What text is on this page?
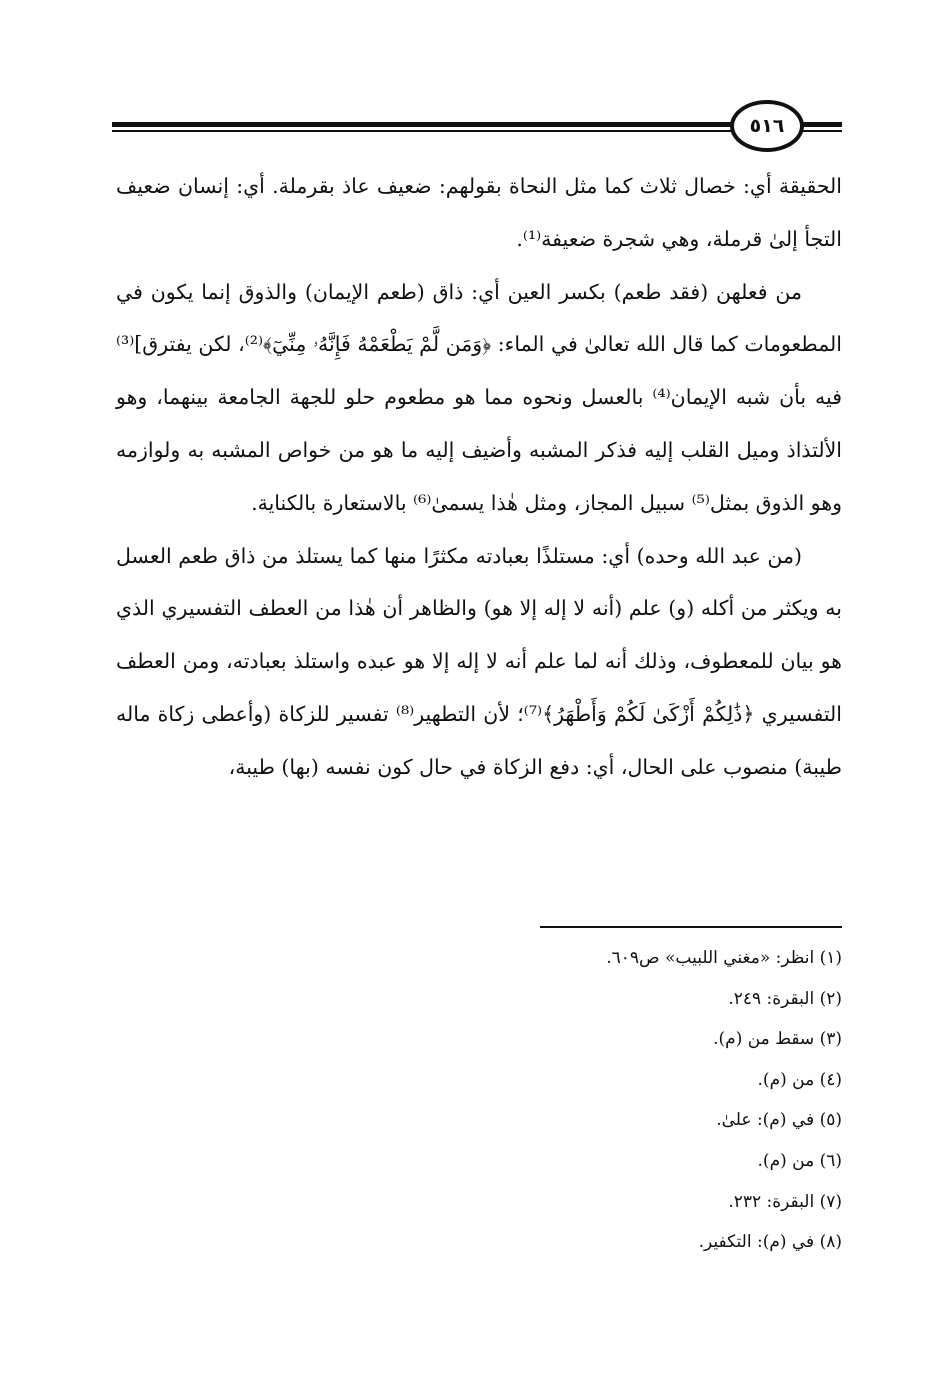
٥١٦

الحقيقة أي: خصال ثلاث كما مثل النحاة بقولهم: ضعيف عاذ بقرملة. أي: إنسان ضعيف التجأ إلىٰ قرملة، وهي شجرة ضعيفة⁽¹⁾.

من فعلهن (فقد طعم) بكسر العين أي: ذاق (طعم الإيمان) والذوق إنما يكون في المطعومات كما قال الله تعالىٰ في الماء: ﴿وَمَن لَّمْ يَطْعَمْهُ فَإِنَّهُۥ مِنِّيٓ﴾⁽²⁾، لكن يفترق]⁽³⁾ فيه بأن شبه الإيمان⁽⁴⁾ بالعسل ونحوه مما هو مطعوم حلو للجهة الجامعة بينهما، وهو الألتذاذ وميل القلب إليه فذكر المشبه وأضيف إليه ما هو من خواص المشبه به ولوازمه وهو الذوق بمثل⁽⁵⁾ سبيل المجاز، ومثل هٰذا يسمىٰ⁽⁶⁾ بالاستعارة بالكناية.

(من عبد الله وحده) أي: مستلذًا بعبادته مكثرًا منها كما يستلذ من ذاق طعم العسل به ويكثر من أكله (و) علم (أنه لا إله إلا هو) والظاهر أن هٰذا من العطف التفسيري الذي هو بيان للمعطوف، وذلك أنه لما علم أنه لا إله إلا هو عبده واستلذ بعبادته، ومن العطف التفسيري ﴿ذَٰلِكُمْ أَزْكَىٰ لَكُمْ وَأَطْهَرُ﴾⁽⁷⁾؛ لأن التطهير⁽⁸⁾ تفسير للزكاة (وأعطى زكاة ماله طيبة) منصوب على الحال، أي: دفع الزكاة في حال كون نفسه (بها) طيبة،

(١) انظر: «مغني اللبيب» ص٦٠٩.
(٢) البقرة: ٢٤٩.
(٣) سقط من (م).
(٤) من (م).
(٥) في (م): علىٰ.
(٦) من (م).
(٧) البقرة: ٢٣٢.
(٨) في (م): التكفير.
